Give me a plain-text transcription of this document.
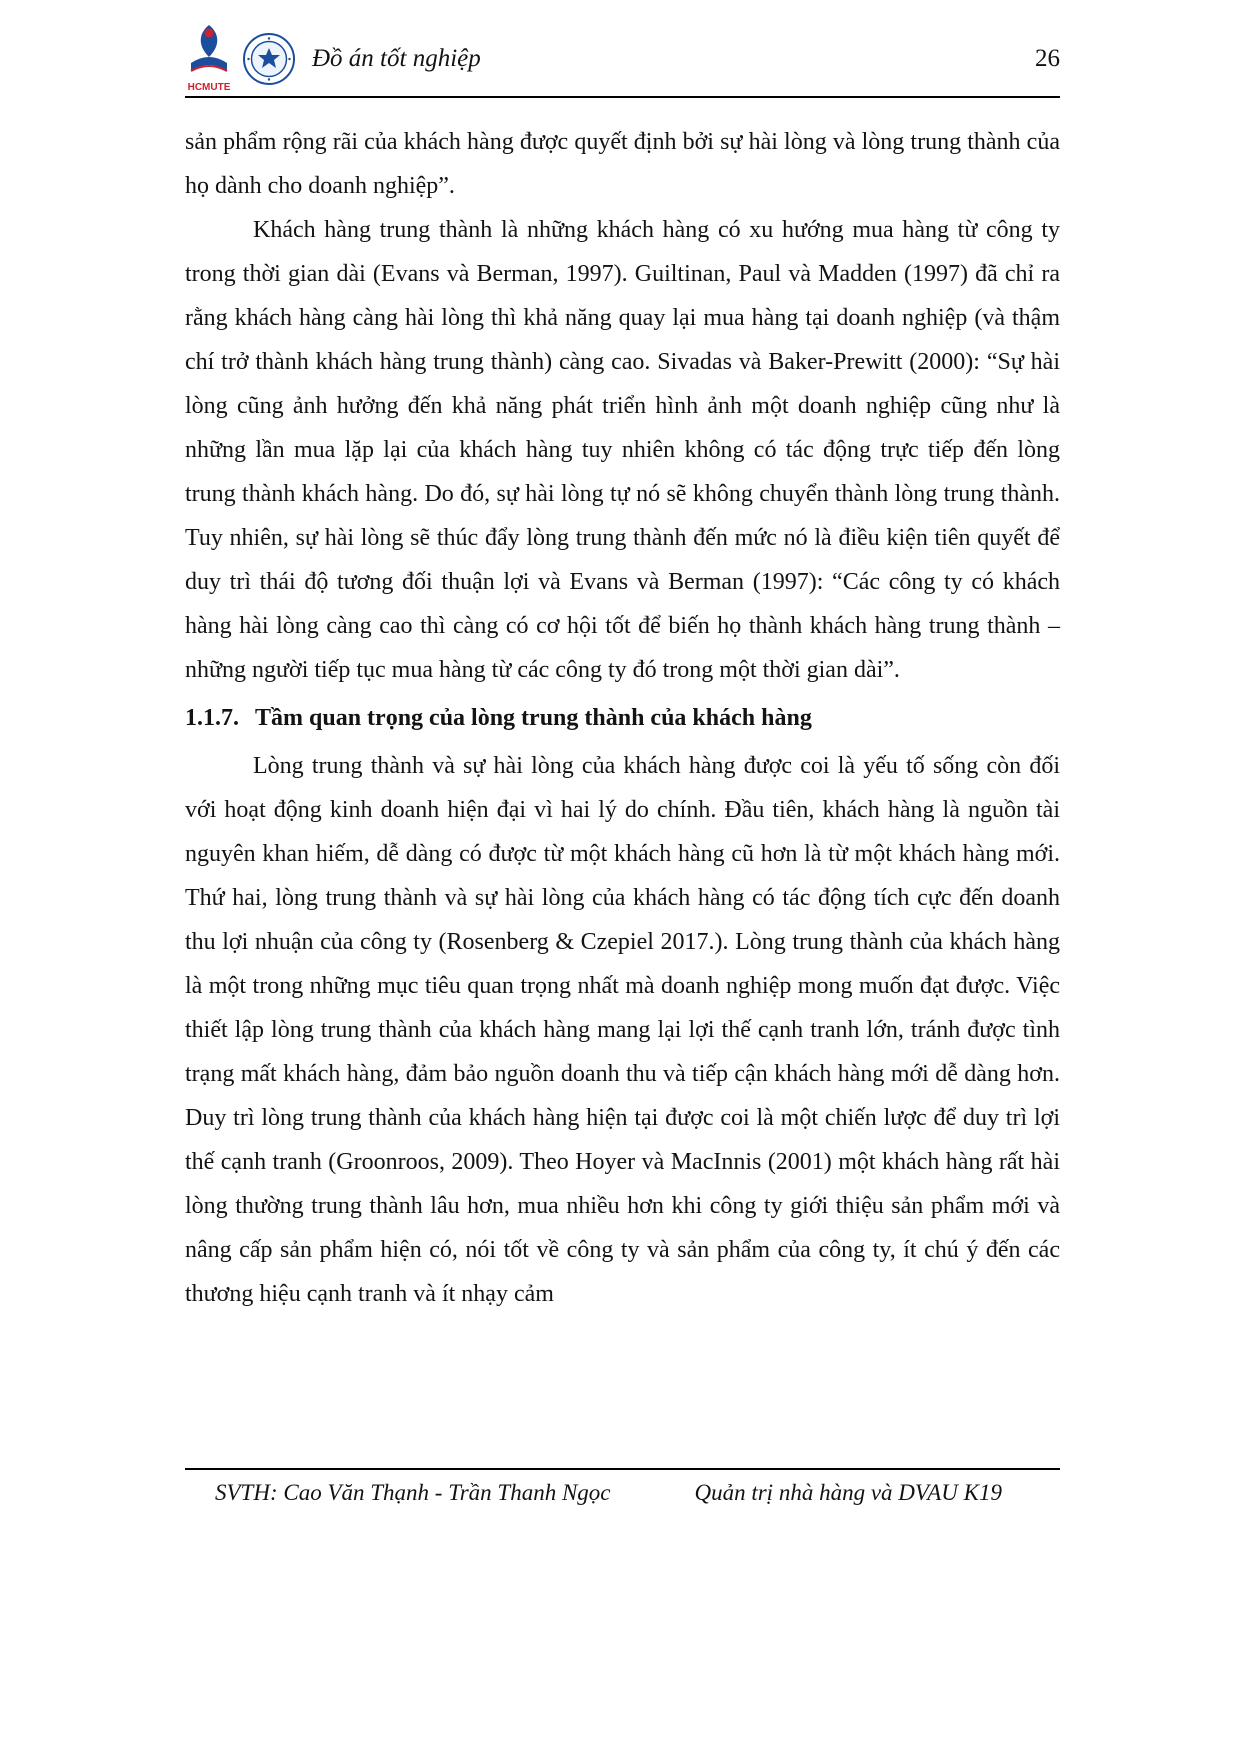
HCMUTE
Đồ án tốt nghiệp	26

sản phẩm rộng rãi của khách hàng được quyết định bởi sự hài lòng và lòng trung thành của họ dành cho doanh nghiệp”.

Khách hàng trung thành là những khách hàng có xu hướng mua hàng từ công ty trong thời gian dài (Evans và Berman, 1997). Guiltinan, Paul và Madden (1997) đã chỉ ra rằng khách hàng càng hài lòng thì khả năng quay lại mua hàng tại doanh nghiệp (và thậm chí trở thành khách hàng trung thành) càng cao. Sivadas và Baker-Prewitt (2000): “Sự hài lòng cũng ảnh hưởng đến khả năng phát triển hình ảnh một doanh nghiệp cũng như là những lần mua lặp lại của khách hàng tuy nhiên không có tác động trực tiếp đến lòng trung thành khách hàng. Do đó, sự hài lòng tự nó sẽ không chuyển thành lòng trung thành. Tuy nhiên, sự hài lòng sẽ thúc đẩy lòng trung thành đến mức nó là điều kiện tiên quyết để duy trì thái độ tương đối thuận lợi và Evans và Berman (1997): “Các công ty có khách hàng hài lòng càng cao thì càng có cơ hội tốt để biến họ thành khách hàng trung thành – những người tiếp tục mua hàng từ các công ty đó trong một thời gian dài”.

1.1.7. Tầm quan trọng của lòng trung thành của khách hàng

Lòng trung thành và sự hài lòng của khách hàng được coi là yếu tố sống còn đối với hoạt động kinh doanh hiện đại vì hai lý do chính. Đầu tiên, khách hàng là nguồn tài nguyên khan hiếm, dễ dàng có được từ một khách hàng cũ hơn là từ một khách hàng mới. Thứ hai, lòng trung thành và sự hài lòng của khách hàng có tác động tích cực đến doanh thu lợi nhuận của công ty (Rosenberg & Czepiel 2017.). Lòng trung thành của khách hàng là một trong những mục tiêu quan trọng nhất mà doanh nghiệp mong muốn đạt được. Việc thiết lập lòng trung thành của khách hàng mang lại lợi thế cạnh tranh lớn, tránh được tình trạng mất khách hàng, đảm bảo nguồn doanh thu và tiếp cận khách hàng mới dễ dàng hơn. Duy trì lòng trung thành của khách hàng hiện tại được coi là một chiến lược để duy trì lợi thế cạnh tranh (Groonroos, 2009). Theo Hoyer và MacInnis (2001) một khách hàng rất hài lòng thường trung thành lâu hơn, mua nhiều hơn khi công ty giới thiệu sản phẩm mới và nâng cấp sản phẩm hiện có, nói tốt về công ty và sản phẩm của công ty, ít chú ý đến các thương hiệu cạnh tranh và ít nhạy cảm

SVTH: Cao Văn Thạnh - Trần Thanh Ngọc	Quản trị nhà hàng và DVAU K19
